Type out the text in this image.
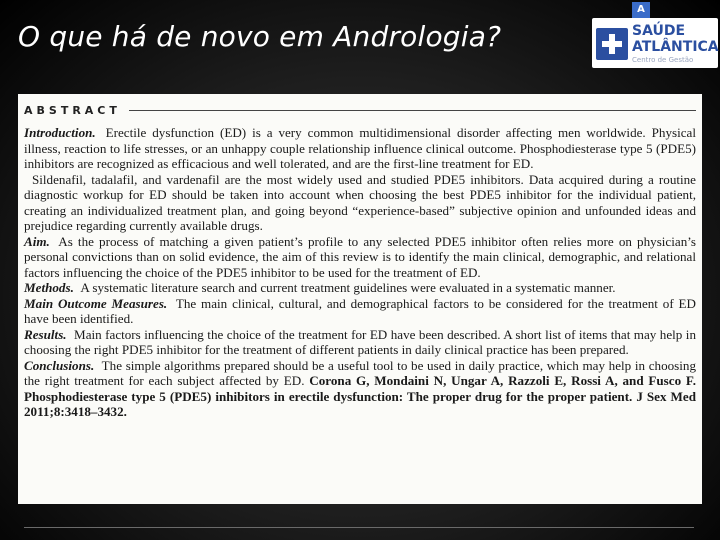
O que há de novo em Andrologia?
A
SAÚDE
ATLÂNTICA
Centro de Gestão
ABSTRACT

Introduction. Erectile dysfunction (ED) is a very common multidimensional disorder affecting men worldwide. Physical illness, reaction to life stresses, or an unhappy couple relationship influence clinical outcome. Phosphodiesterase type 5 (PDE5) inhibitors are recognized as efficacious and well tolerated, and are the first-line treatment for ED.

Sildenafil, tadalafil, and vardenafil are the most widely used and studied PDE5 inhibitors. Data acquired during a routine diagnostic workup for ED should be taken into account when choosing the best PDE5 inhibitor for the individual patient, creating an individualized treatment plan, and going beyond “experience-based” subjective opinion and unfounded ideas and prejudice regarding currently available drugs.

Aim. As the process of matching a given patient’s profile to any selected PDE5 inhibitor often relies more on physician’s personal convictions than on solid evidence, the aim of this review is to identify the main clinical, demographic, and relational factors influencing the choice of the PDE5 inhibitor to be used for the treatment of ED.

Methods. A systematic literature search and current treatment guidelines were evaluated in a systematic manner.

Main Outcome Measures. The main clinical, cultural, and demographical factors to be considered for the treatment of ED have been identified.

Results. Main factors influencing the choice of the treatment for ED have been described. A short list of items that may help in choosing the right PDE5 inhibitor for the treatment of different patients in daily clinical practice has been prepared.

Conclusions. The simple algorithms prepared should be a useful tool to be used in daily practice, which may help in choosing the right treatment for each subject affected by ED. Corona G, Mondaini N, Ungar A, Razzoli E, Rossi A, and Fusco F. Phosphodiesterase type 5 (PDE5) inhibitors in erectile dysfunction: The proper drug for the proper patient. J Sex Med 2011;8:3418–3432.
